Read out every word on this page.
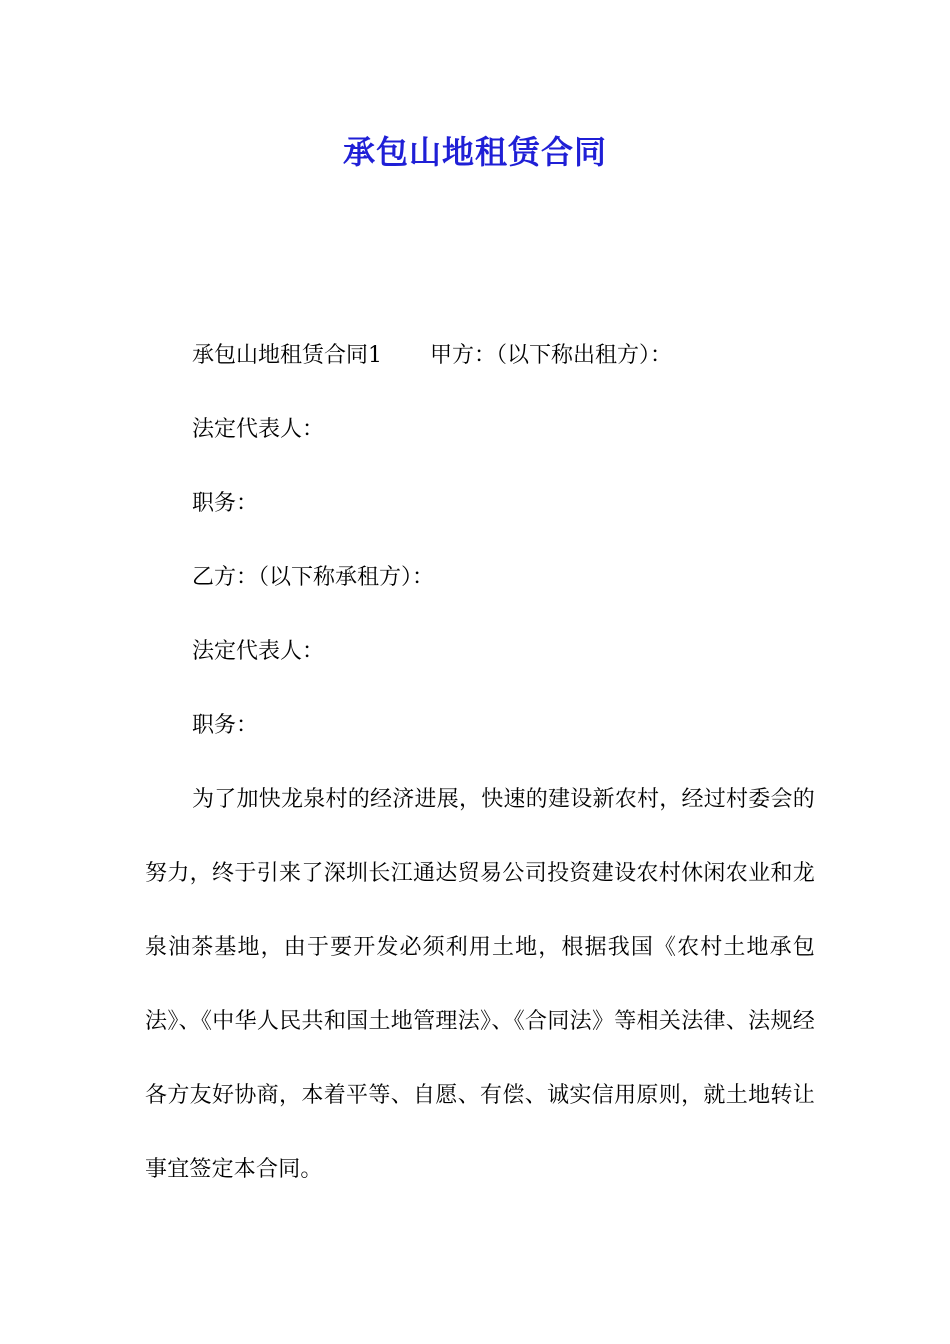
承包山地租赁合同
承包山地租赁合同1 甲方：（以下称出租方）：
法定代表人：
职务：
乙方：（以下称承租方）：
法定代表人：
职务：

为了加快龙泉村的经济进展，快速的建设新农村，经过村委会的努力，终于引来了深圳长江通达贸易公司投资建设农村休闲农业和龙泉油茶基地，由于要开发必须利用土地，根据我国《农村土地承包法》、《中华人民共和国土地管理法》、《合同法》等相关法律、法规经各方友好协商，本着平等、自愿、有偿、诚实信用原则，就土地转让事宜签定本合同。
